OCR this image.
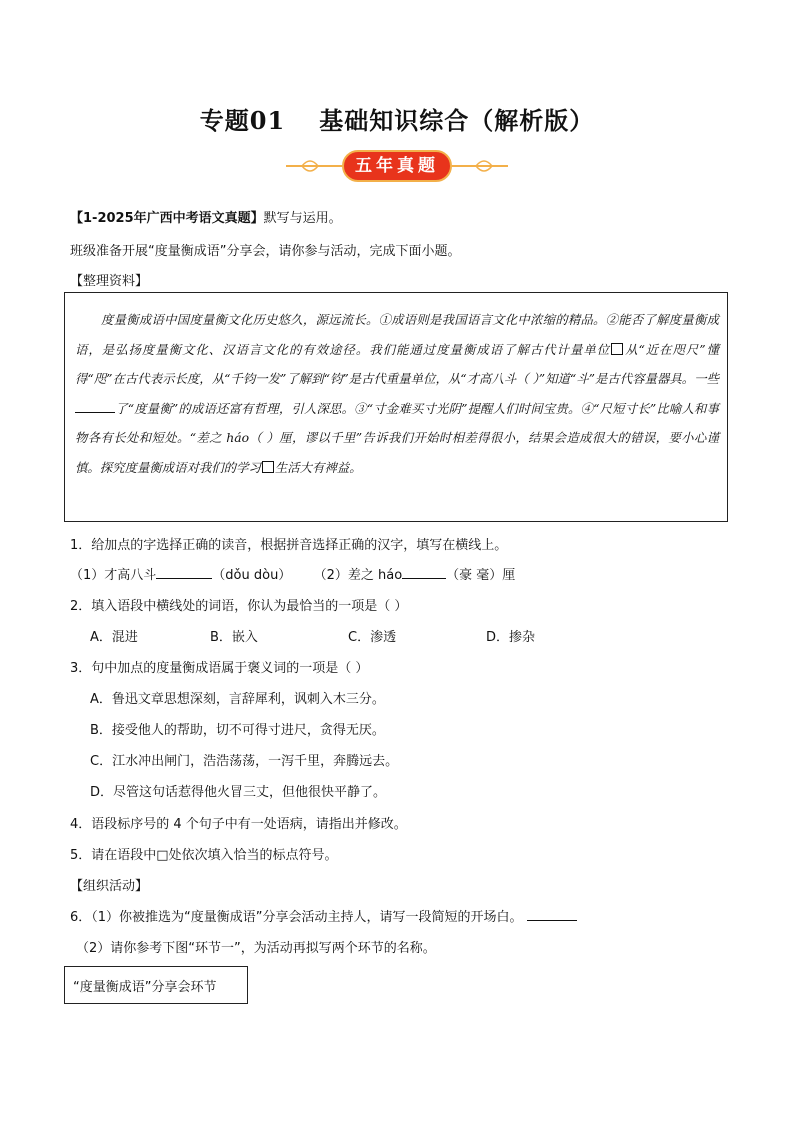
专题01 基础知识综合（解析版）
五年真题
【1-2025年广西中考语文真题】默写与运用。
班级准备开展“度量衡成语”分享会，请你参与活动，完成下面小题。
【整理资料】
度量衡成语中国度量衡文化历史悠久，源远流长。①成语则是我国语言文化中浓缩的精品。②能否了解度量衡成语，是弘扬度量衡文化、汉语言文化的有效途径。我们能通过度量衡成语了解古代计量单位 从“近在咫尺”懂得“咫”在古代表示长度，从“千钧一发”了解到“钧”是古代重量单位，从“才高八斗（ ）”知道“斗”是古代容量器具。一些了“度量衡”的成语还富有哲理，引人深思。③“寸金难买寸光阴”提醒人们时间宝贵。④“尺短寸长”比喻人和事物各有长处和短处。“差之 háo（ ）厘，谬以千里”告诉我们开始时相差得很小，结果会造成很大的错误，要小心谨慎。探究度量衡成语对我们的学习 生活大有裨益。
1．给加点的字选择正确的读音，根据拼音选择正确的汉字，填写在横线上。
（1）才高八斗	（dǒu dòu） （2）差之 háo	（豪 毫）厘
2．填入语段中横线处的词语，你认为最恰当的一项是（ ）
A．混进	B．嵌入	C．渗透	D．掺杂
3．句中加点的度量衡成语属于褒义词的一项是（ ）
A．鲁迅文章思想深刻，言辞犀利，讽刺入木三分。
B．接受他人的帮助，切不可得寸进尺，贪得无厌。
C．江水冲出闸门，浩浩荡荡，一泻千里，奔腾远去。
D．尽管这句话惹得他火冒三丈，但他很快平静了。
4．语段标序号的 4 个句子中有一处语病，请指出并修改。
5．请在语段中□处依次填入恰当的标点符号。
【组织活动】
6．（1）你被推选为“度量衡成语”分享会活动主持人，请写一段简短的开场白。
（2）请你参考下图“环节一”，为活动再拟写两个环节的名称。
“度量衡成语”分享会环节
